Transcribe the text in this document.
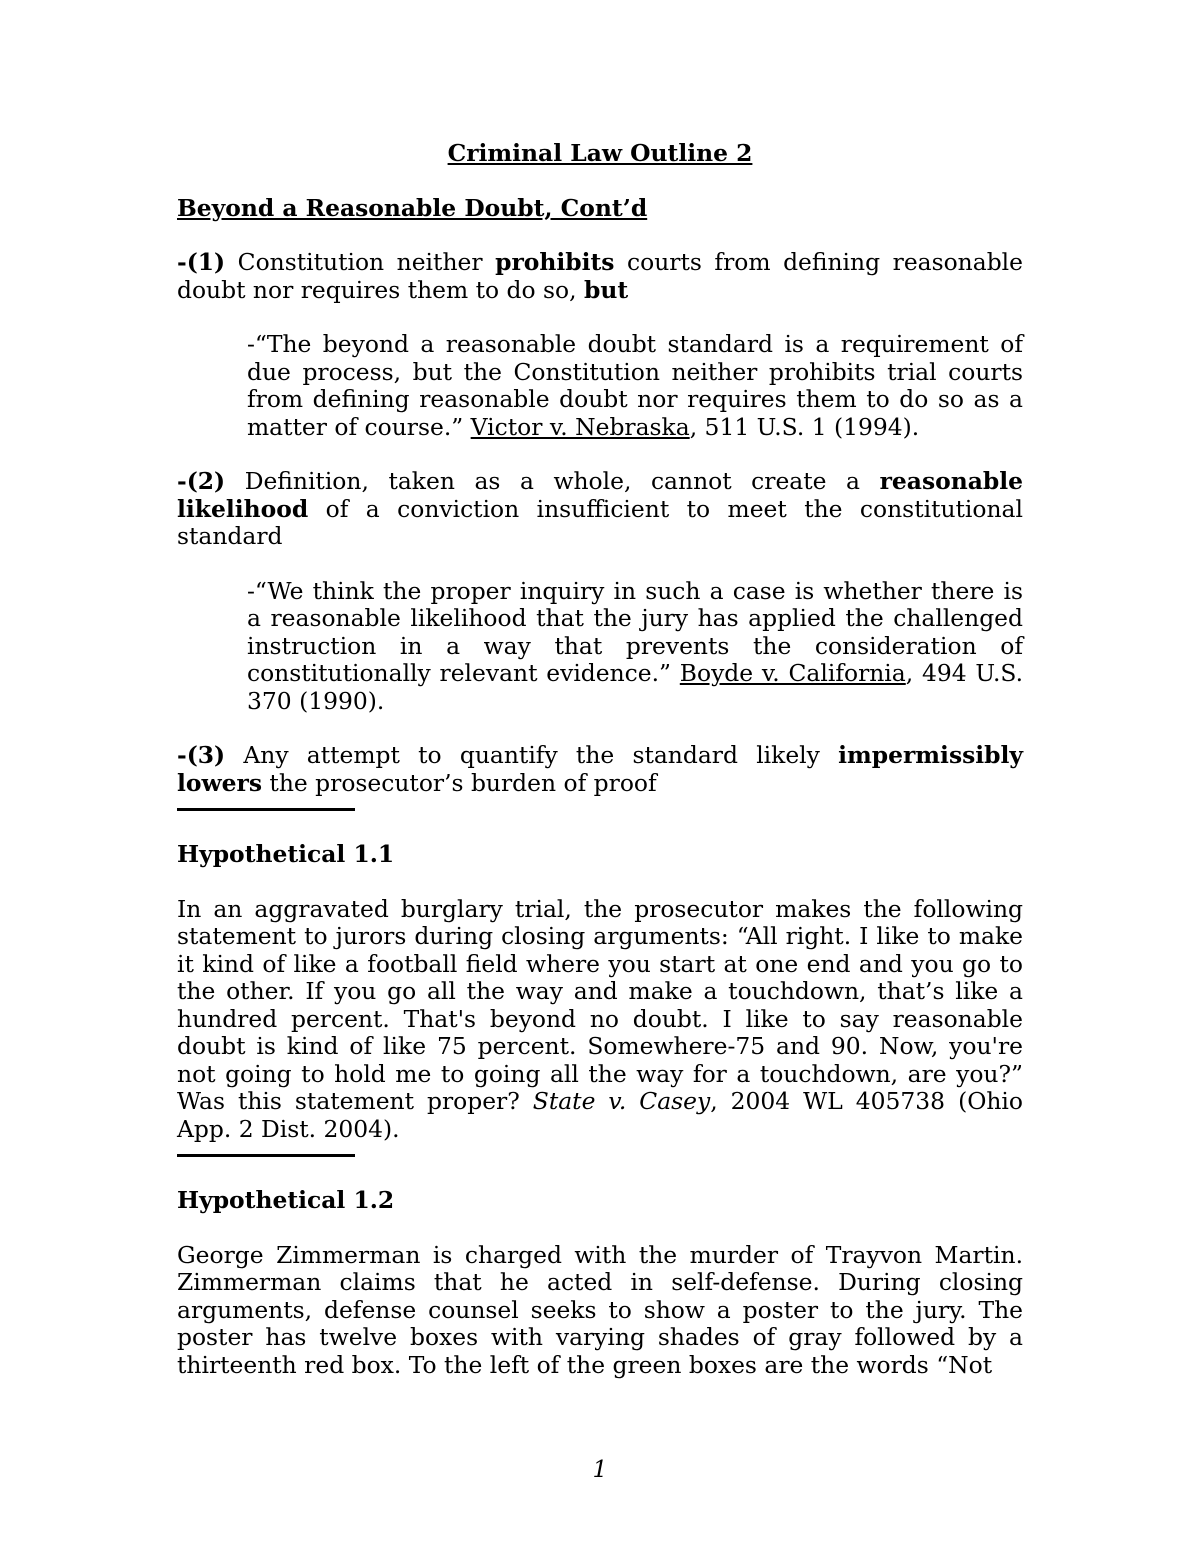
Criminal Law Outline 2

Beyond a Reasonable Doubt, Cont’d

-(1) Constitution neither prohibits courts from defining reasonable doubt nor requires them to do so, but

-“The beyond a reasonable doubt standard is a requirement of due process, but the Constitution neither prohibits trial courts from defining reasonable doubt nor requires them to do so as a matter of course.” Victor v. Nebraska, 511 U.S. 1 (1994).

-(2) Definition, taken as a whole, cannot create a reasonable likelihood of a conviction insufficient to meet the constitutional standard

-“We think the proper inquiry in such a case is whether there is a reasonable likelihood that the jury has applied the challenged instruction in a way that prevents the consideration of constitutionally relevant evidence.” Boyde v. California, 494 U.S. 370 (1990).

-(3) Any attempt to quantify the standard likely impermissibly lowers the prosecutor’s burden of proof

Hypothetical 1.1

In an aggravated burglary trial, the prosecutor makes the following statement to jurors during closing arguments: “All right. I like to make it kind of like a football field where you start at one end and you go to the other. If you go all the way and make a touchdown, that’s like a hundred percent. That's beyond no doubt. I like to say reasonable doubt is kind of like 75 percent. Somewhere-75 and 90. Now, you're not going to hold me to going all the way for a touchdown, are you?” Was this statement proper? State v. Casey, 2004 WL 405738 (Ohio App. 2 Dist. 2004).

Hypothetical 1.2

George Zimmerman is charged with the murder of Trayvon Martin. Zimmerman claims that he acted in self-defense. During closing arguments, defense counsel seeks to show a poster to the jury. The poster has twelve boxes with varying shades of gray followed by a thirteenth red box. To the left of the green boxes are the words “Not

1
